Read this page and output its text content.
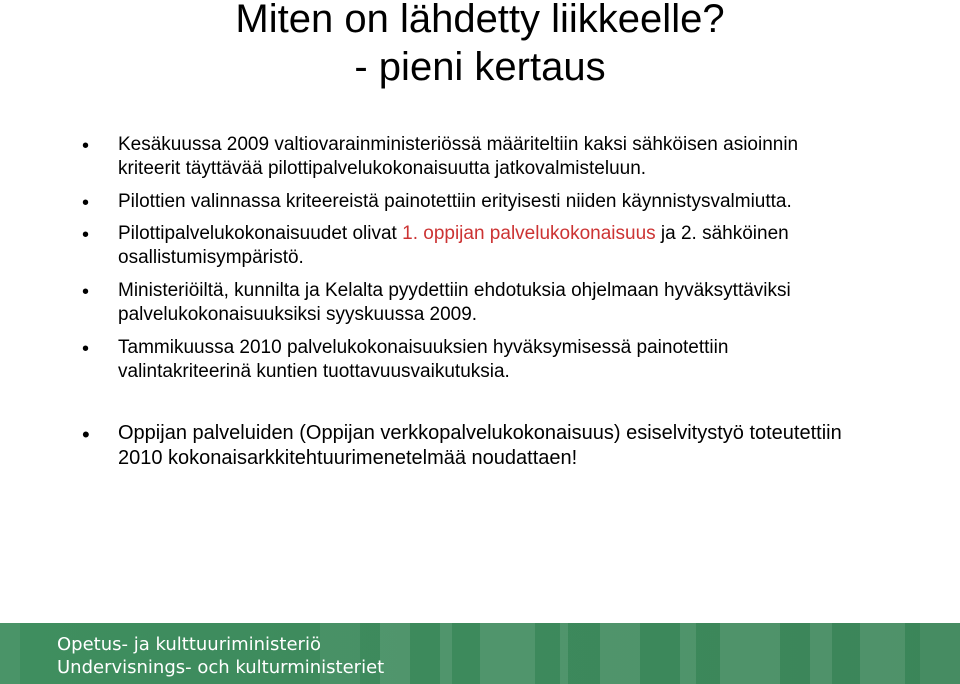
Miten on lähdetty liikkeelle?
- pieni kertaus
• Kesäkuussa 2009 valtiovarainministeriössä määriteltiin kaksi sähköisen asioinnin
kriteerit täyttävää pilottipalvelukokonaisuutta jatkovalmisteluun.
• Pilottien valinnassa kriteereistä painotettiin erityisesti niiden käynnistysvalmiutta.
• Pilottipalvelukokonaisuudet olivat 1. oppijan palvelukokonaisuus ja 2. sähköinen
osallistumisympäristö.
• Ministeriöiltä, kunnilta ja Kelalta pyydettiin ehdotuksia ohjelmaan hyväksyttäviksi
palvelukokonaisuuksiksi syyskuussa 2009.
• Tammikuussa 2010 palvelukokonaisuuksien hyväksymisessä painotettiin
valintakriteerinä kuntien tuottavuusvaikutuksia.
• Oppijan palveluiden (Oppijan verkkopalvelukokonaisuus) esiselvitystyö toteutettiin
2010 kokonaisarkkitehtuurimenetelmää noudattaen!
Opetus- ja kulttuuriministeriö
Undervisnings- och kulturministeriet
